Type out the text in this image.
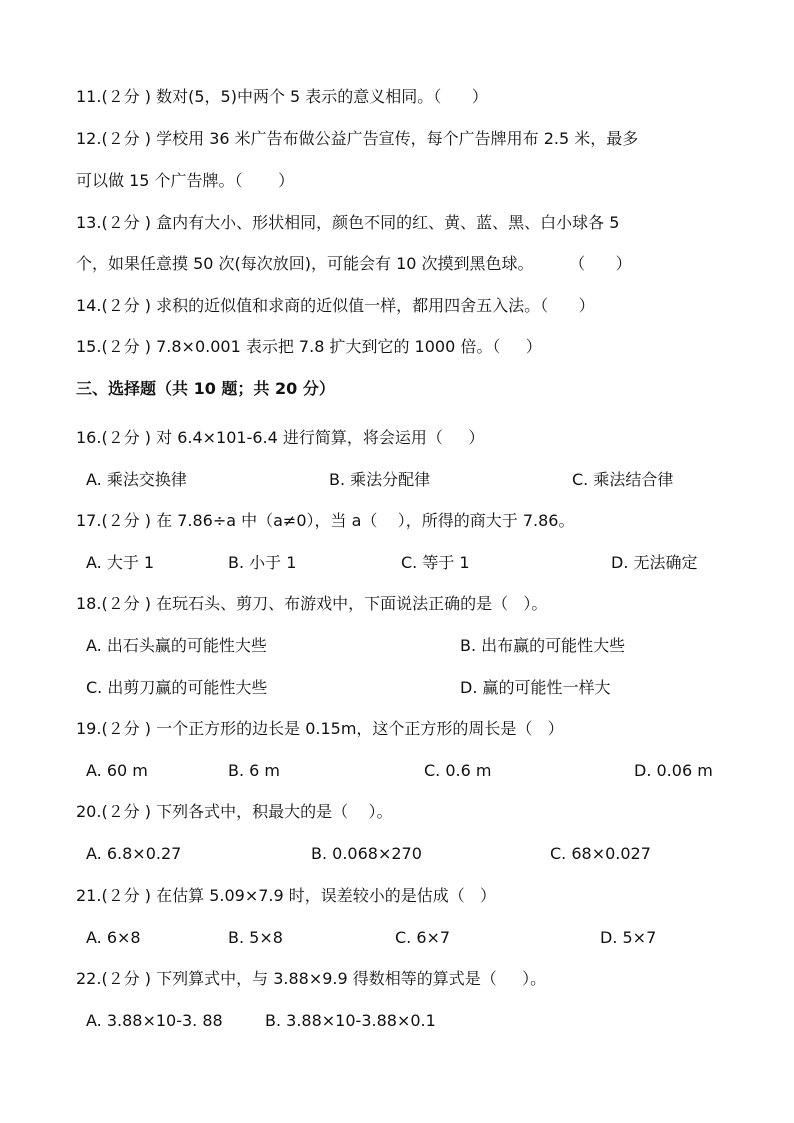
11.(２分 ) 数对(5，5)中两个 5 表示的意义相同。（      ）
12.(２分 ) 学校用 36 米广告布做公益广告宣传，每个广告牌用布 2.5 米，最多
可以做 15 个广告牌。（       ）
13.(２分 ) 盒内有大小、形状相同，颜色不同的红、黄、蓝、黑、白小球各 5
个，如果任意摸 50 次(每次放回)，可能会有 10 次摸到黑色球。       （      ）
14.(２分 ) 求积的近似值和求商的近似值一样，都用四舍五入法。（      ）
15.(２分 ) 7.8×0.001 表示把 7.8 扩大到它的 1000 倍。（     ）
三、选择题（共 10 题；共 20 分）
16.(２分 ) 对 6.4×101-6.4 进行简算，将会运用（     ）
A. 乘法交换律	B. 乘法分配律	C. 乘法结合律
17.(２分 ) 在 7.86÷a 中（a≠0），当 a（    ），所得的商大于 7.86。
A. 大于 1	B. 小于 1	C. 等于 1	D. 无法确定
18.(２分 ) 在玩石头、剪刀、布游戏中，下面说法正确的是（   ）。
A. 出石头赢的可能性大些	B. 出布赢的可能性大些
C. 出剪刀赢的可能性大些	D. 赢的可能性一样大
19.(２分 ) 一个正方形的边长是 0.15m，这个正方形的周长是（   ）
A. 60 m	B. 6 m	C. 0.6 m	D. 0.06 m
20.(２分 ) 下列各式中，积最大的是（    ）。
A. 6.8×0.27	B. 0.068×270	C. 68×0.027
21.(２分 ) 在估算 5.09×7.9 时，误差较小的是估成（   ）
A. 6×8	B. 5×8	C. 6×7	D. 5×7
22.(２分 ) 下列算式中，与 3.88×9.9 得数相等的算式是（     ）。
A. 3.88×10-3. 88	B. 3.88×10-3.88×0.1
